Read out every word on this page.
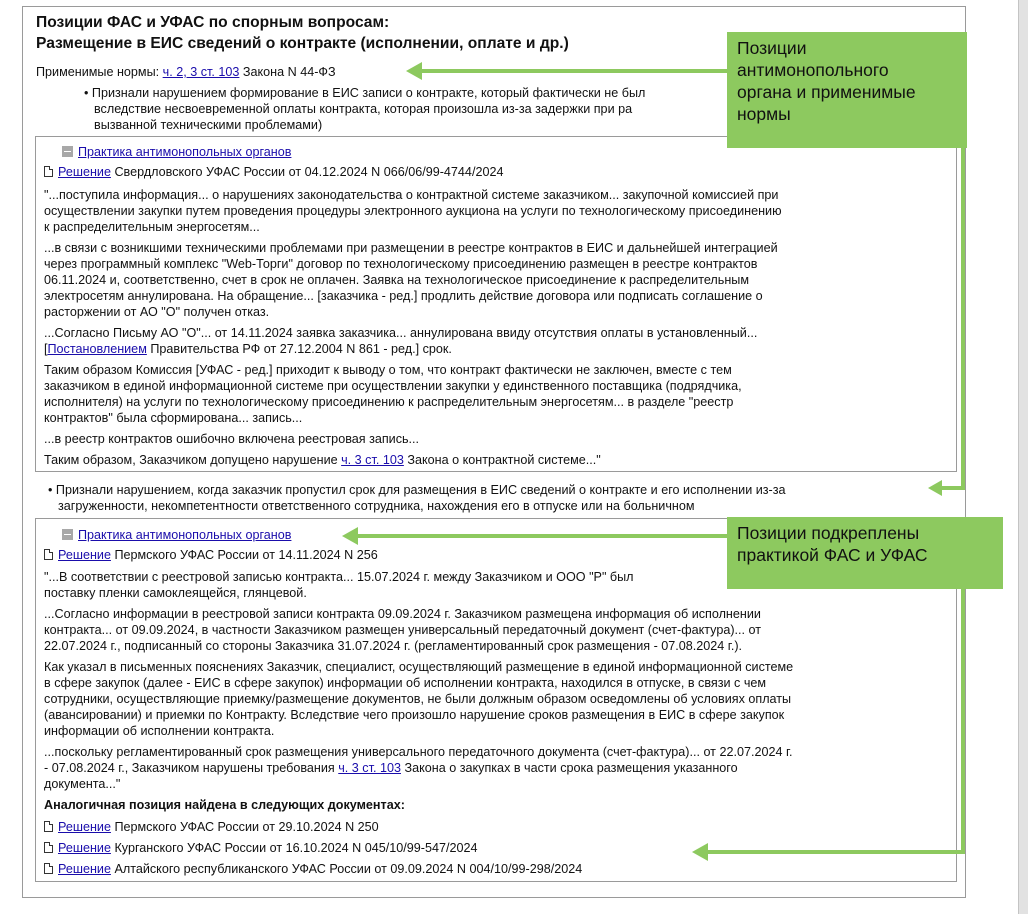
Позиции ФАС и УФАС по спорным вопросам:
Размещение в ЕИС сведений о контракте (исполнении, оплате и др.)
Применимые нормы: ч. 2, 3 ст. 103 Закона N 44-ФЗ
• Признали нарушением формирование в ЕИС записи о контракте, который фактически не был
вследствие несвоевременной оплаты контракта, которая произошла из-за задержки при ра
вызванной техническими проблемами)
Практика антимонопольных органов
Решение Свердловского УФАС России от 04.12.2024 N 066/06/99-4744/2024
"...поступила информация... о нарушениях законодательства о контрактной системе заказчиком... закупочной комиссией при
осуществлении закупки путем проведения процедуры электронного аукциона на услуги по технологическому присоединению
к распределительным энергосетям...
...в связи с возникшими техническими проблемами при размещении в реестре контрактов в ЕИС и дальнейшей интеграцией
через программный комплекс "Web-Торги" договор по технологическому присоединению размещен в реестре контрактов
06.11.2024 и, соответственно, счет в срок не оплачен. Заявка на технологическое присоединение к распределительным
электросетям аннулирована. На обращение... [заказчика - ред.] продлить действие договора или подписать соглашение о
расторжении от АО "О" получен отказ.
...Согласно Письму АО "О"... от 14.11.2024 заявка заказчика... аннулирована ввиду отсутствия оплаты в установленный...
[Постановлением Правительства РФ от 27.12.2004 N 861 - ред.] срок.
Таким образом Комиссия [УФАС - ред.] приходит к выводу о том, что контракт фактически не заключен, вместе с тем
заказчиком в единой информационной системе при осуществлении закупки у единственного поставщика (подрядчика,
исполнителя) на услуги по технологическому присоединению к распределительным энергосетям... в разделе "реестр
контрактов" была сформирована... запись...
...в реестр контрактов ошибочно включена реестровая запись...
Таким образом, Заказчиком допущено нарушение ч. 3 ст. 103 Закона о контрактной системе..."
• Признали нарушением, когда заказчик пропустил срок для размещения в ЕИС сведений о контракте и его исполнении из-за
загруженности, некомпетентности ответственного сотрудника, нахождения его в отпуске или на больничном
Практика антимонопольных органов
Решение Пермского УФАС России от 14.11.2024 N 256
"...В соответствии с реестровой записью контракта... 15.07.2024 г. между Заказчиком и ООО "Р" был
поставку пленки самоклеящейся, глянцевой.
...Согласно информации в реестровой записи контракта 09.09.2024 г. Заказчиком размещена информация об исполнении
контракта... от 09.09.2024, в частности Заказчиком размещен универсальный передаточный документ (счет-фактура)... от
22.07.2024 г., подписанный со стороны Заказчика 31.07.2024 г. (регламентированный срок размещения - 07.08.2024 г.).
Как указал в письменных пояснениях Заказчик, специалист, осуществляющий размещение в единой информационной системе
в сфере закупок (далее - ЕИС в сфере закупок) информации об исполнении контракта, находился в отпуске, в связи с чем
сотрудники, осуществляющие приемку/размещение документов, не были должным образом осведомлены об условиях оплаты
(авансировании) и приемки по Контракту. Вследствие чего произошло нарушение сроков размещения в ЕИС в сфере закупок
информации об исполнении контракта.
...поскольку регламентированный срок размещения универсального передаточного документа (счет-фактура)... от 22.07.2024 г.
- 07.08.2024 г., Заказчиком нарушены требования ч. 3 ст. 103 Закона о закупках в части срока размещения указанного
документа..."
Аналогичная позиция найдена в следующих документах:
Решение Пермского УФАС России от 29.10.2024 N 250
Решение Курганского УФАС России от 16.10.2024 N 045/10/99-547/2024
Решение Алтайского республиканского УФАС России от 09.09.2024 N 004/10/99-298/2024
Позиции
антимонопольного
органа и применимые
нормы
Позиции подкреплены
практикой ФАС и УФАС
